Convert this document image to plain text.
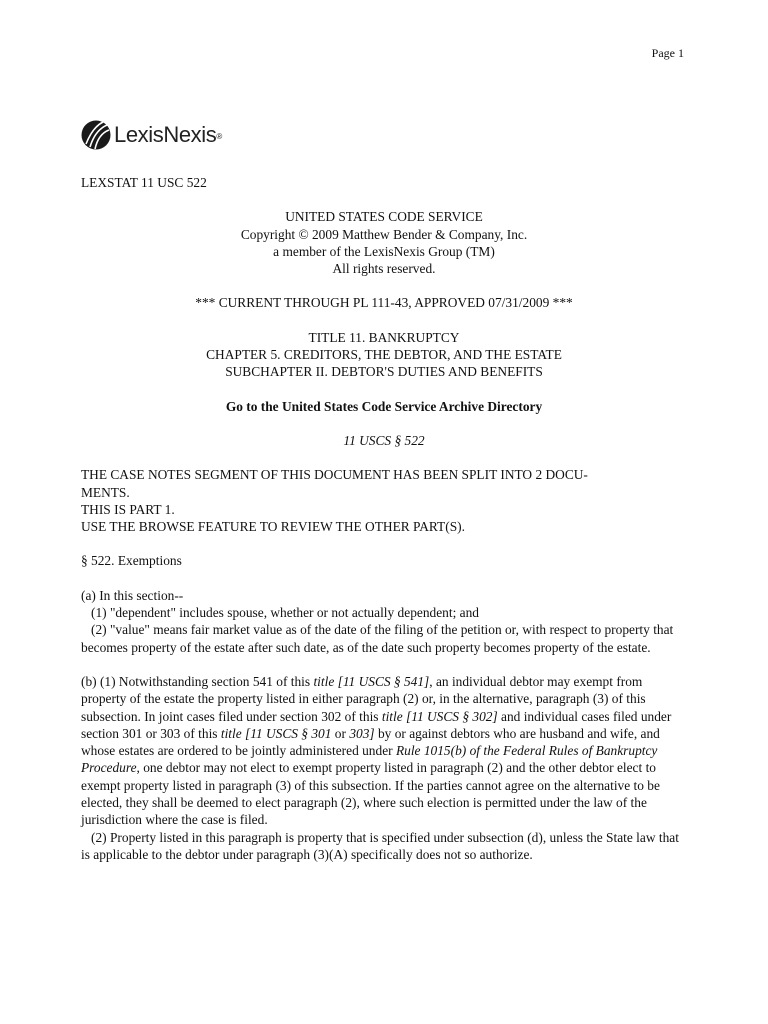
Page 1
LexisNexis®

LEXSTAT 11 USC 522

UNITED STATES CODE SERVICE

Copyright © 2009 Matthew Bender & Company, Inc.

a member of the LexisNexis Group (TM)

All rights reserved.

*** CURRENT THROUGH PL 111-43, APPROVED 07/31/2009 ***

TITLE 11. BANKRUPTCY

CHAPTER 5. CREDITORS, THE DEBTOR, AND THE ESTATE

SUBCHAPTER II. DEBTOR'S DUTIES AND BENEFITS

Go to the United States Code Service Archive Directory

11 USCS § 522

THE CASE NOTES SEGMENT OF THIS DOCUMENT HAS BEEN SPLIT INTO 2 DOCU-

MENTS.

THIS IS PART 1.

USE THE BROWSE FEATURE TO REVIEW THE OTHER PART(S).

§ 522. Exemptions

(a) In this section--

(1) "dependent" includes spouse, whether or not actually dependent; and

(2) "value" means fair market value as of the date of the filing of the petition or, with respect to property that becomes property of the estate after such date, as of the date such property becomes property of the estate.

(b) (1) Notwithstanding section 541 of this title [11 USCS § 541], an individual debtor may exempt from property of the estate the property listed in either paragraph (2) or, in the alternative, paragraph (3) of this subsection. In joint cases filed under section 302 of this title [11 USCS § 302] and individual cases filed under section 301 or 303 of this title [11 USCS § 301 or 303] by or against debtors who are husband and wife, and whose estates are ordered to be jointly administered under Rule 1015(b) of the Federal Rules of Bankruptcy Procedure, one debtor may not elect to exempt property listed in paragraph (2) and the other debtor elect to exempt property listed in paragraph (3) of this subsection. If the parties cannot agree on the alternative to be elected, they shall be deemed to elect paragraph (2), where such election is permitted under the law of the jurisdiction where the case is filed.

(2) Property listed in this paragraph is property that is specified under subsection (d), unless the State law that is applicable to the debtor under paragraph (3)(A) specifically does not so authorize.
